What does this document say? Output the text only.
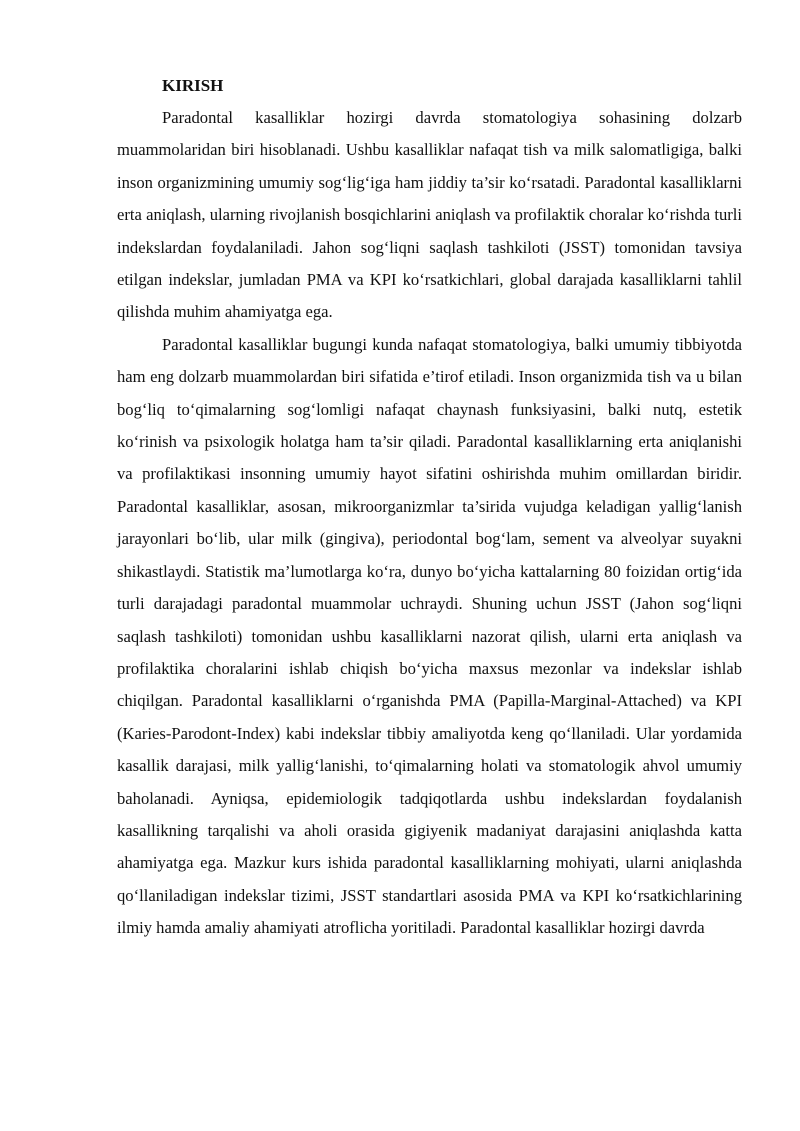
KIRISH

Paradontal kasalliklar hozirgi davrda stomatologiya sohasining dolzarb muammolaridan biri hisoblanadi. Ushbu kasalliklar nafaqat tish va milk salomatligiga, balki inson organizmining umumiy sog‘lig‘iga ham jiddiy ta’sir ko‘rsatadi. Paradontal kasalliklarni erta aniqlash, ularning rivojlanish bosqichlarini aniqlash va profilaktik choralar ko‘rishda turli indekslardan foydalaniladi. Jahon sog‘liqni saqlash tashkiloti (JSST) tomonidan tavsiya etilgan indekslar, jumladan PMA va KPI ko‘rsatkichlari, global darajada kasalliklarni tahlil qilishda muhim ahamiyatga ega.

Paradontal kasalliklar bugungi kunda nafaqat stomatologiya, balki umumiy tibbiyotda ham eng dolzarb muammolardan biri sifatida e’tirof etiladi. Inson organizmida tish va u bilan bog‘liq to‘qimalarning sog‘lomligi nafaqat chaynash funksiyasini, balki nutq, estetik ko‘rinish va psixologik holatga ham ta’sir qiladi. Paradontal kasalliklarning erta aniqlanishi va profilaktikasi insonning umumiy hayot sifatini oshirishda muhim omillardan biridir. Paradontal kasalliklar, asosan, mikroorganizmlar ta’sirida vujudga keladigan yallig‘lanish jarayonlari bo‘lib, ular milk (gingiva), periodontal bog‘lam, sement va alveolyar suyakni shikastlaydi. Statistik ma’lumotlarga ko‘ra, dunyo bo‘yicha kattalarning 80 foizidan ortig‘ida turli darajadagi paradontal muammolar uchraydi. Shuning uchun JSST (Jahon sog‘liqni saqlash tashkiloti) tomonidan ushbu kasalliklarni nazorat qilish, ularni erta aniqlash va profilaktika choralarini ishlab chiqish bo‘yicha maxsus mezonlar va indekslar ishlab chiqilgan. Paradontal kasalliklarni o‘rganishda PMA (Papilla-Marginal-Attached) va KPI (Karies-Parodont-Index) kabi indekslar tibbiy amaliyotda keng qo‘llaniladi. Ular yordamida kasallik darajasi, milk yallig‘lanishi, to‘qimalarning holati va stomatologik ahvol umumiy baholanadi. Ayniqsa, epidemiologik tadqiqotlarda ushbu indekslardan foydalanish kasallikning tarqalishi va aholi orasida gigiyenik madaniyat darajasini aniqlashda katta ahamiyatga ega. Mazkur kurs ishida paradontal kasalliklarning mohiyati, ularni aniqlashda qo‘llaniladigan indekslar tizimi, JSST standartlari asosida PMA va KPI ko‘rsatkichlarining ilmiy hamda amaliy ahamiyati atroflicha yoritiladi. Paradontal kasalliklar hozirgi davrda
